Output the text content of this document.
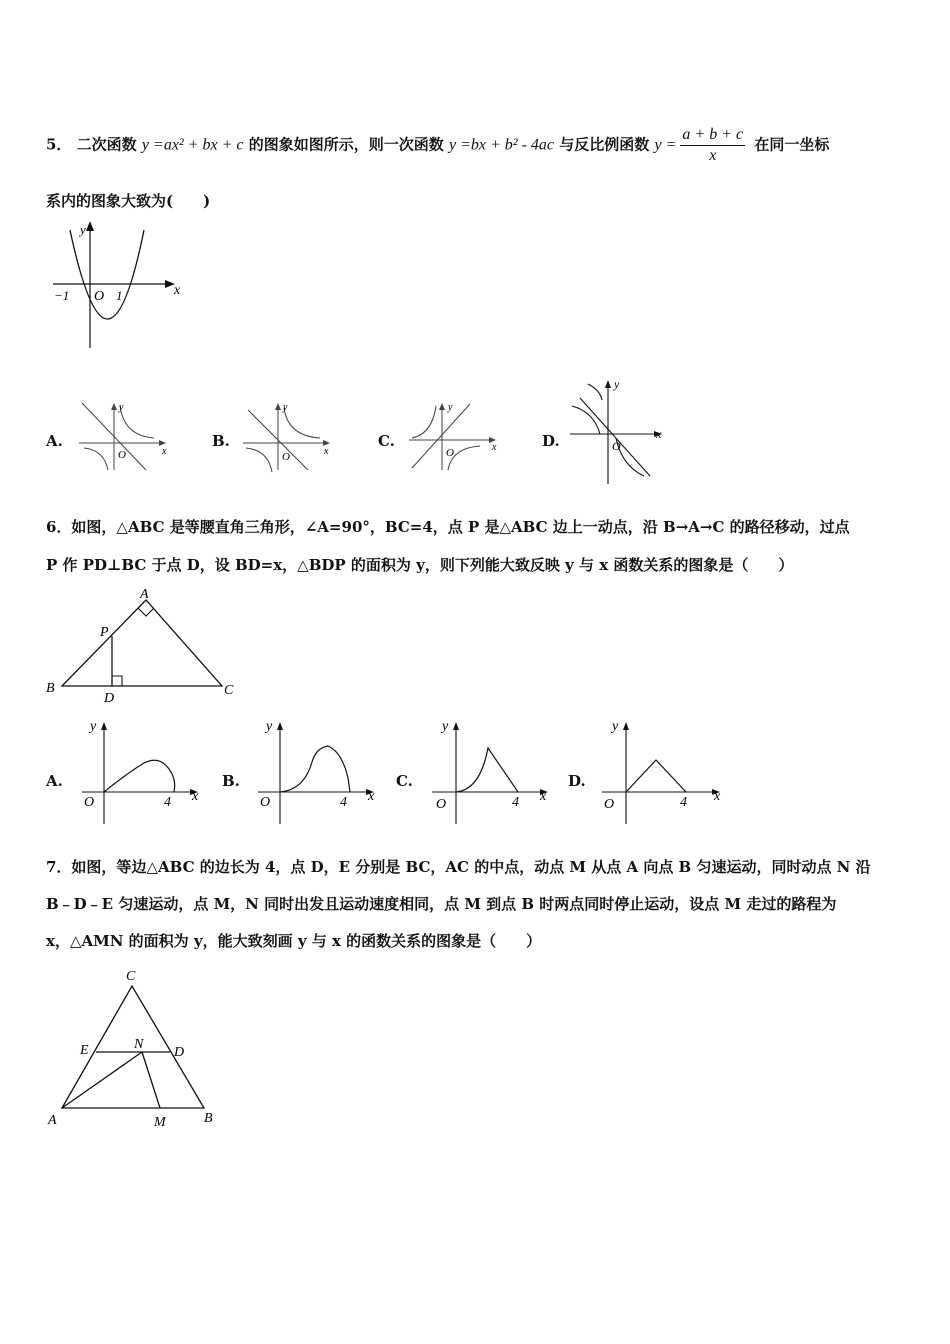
5． 二次函数 y =ax² + bx + c 的图象如图所示，则一次函数 y =bx + b² - 4ac 与反比例函数 $y = \frac{a + b + c}{x}$ 在同一坐标
系内的图象大致为(　　)
y
x
−1 O 1
A.
y
x
O
B.
y
x
O
C.
y
x
O
D.
y
x
O
6．如图，△ABC 是等腰直角三角形，∠A=90°，BC=4，点 P 是△ABC 边上一动点，沿 B→A→C 的路径移动，过点
P 作 PD⊥BC 于点 D，设 BD=x，△BDP 的面积为 y，则下列能大致反映 y 与 x 函数关系的图象是（　　）
A
B	C
P
D
A.
y
x
O	4
B.
y
x
O	4
C.
y
x
O	4
D.
y
x
O	4
7．如图，等边△ABC 的边长为 4，点 D，E 分别是 BC，AC 的中点，动点 M 从点 A 向点 B 匀速运动，同时动点 N 沿
B﹣D﹣E 匀速运动，点 M，N 同时出发且运动速度相同，点 M 到点 B 时两点同时停止运动，设点 M 走过的路程为
x，△AMN 的面积为 y，能大致刻画 y 与 x 的函数关系的图象是（　　）
C
E	N
D
A	M	B
